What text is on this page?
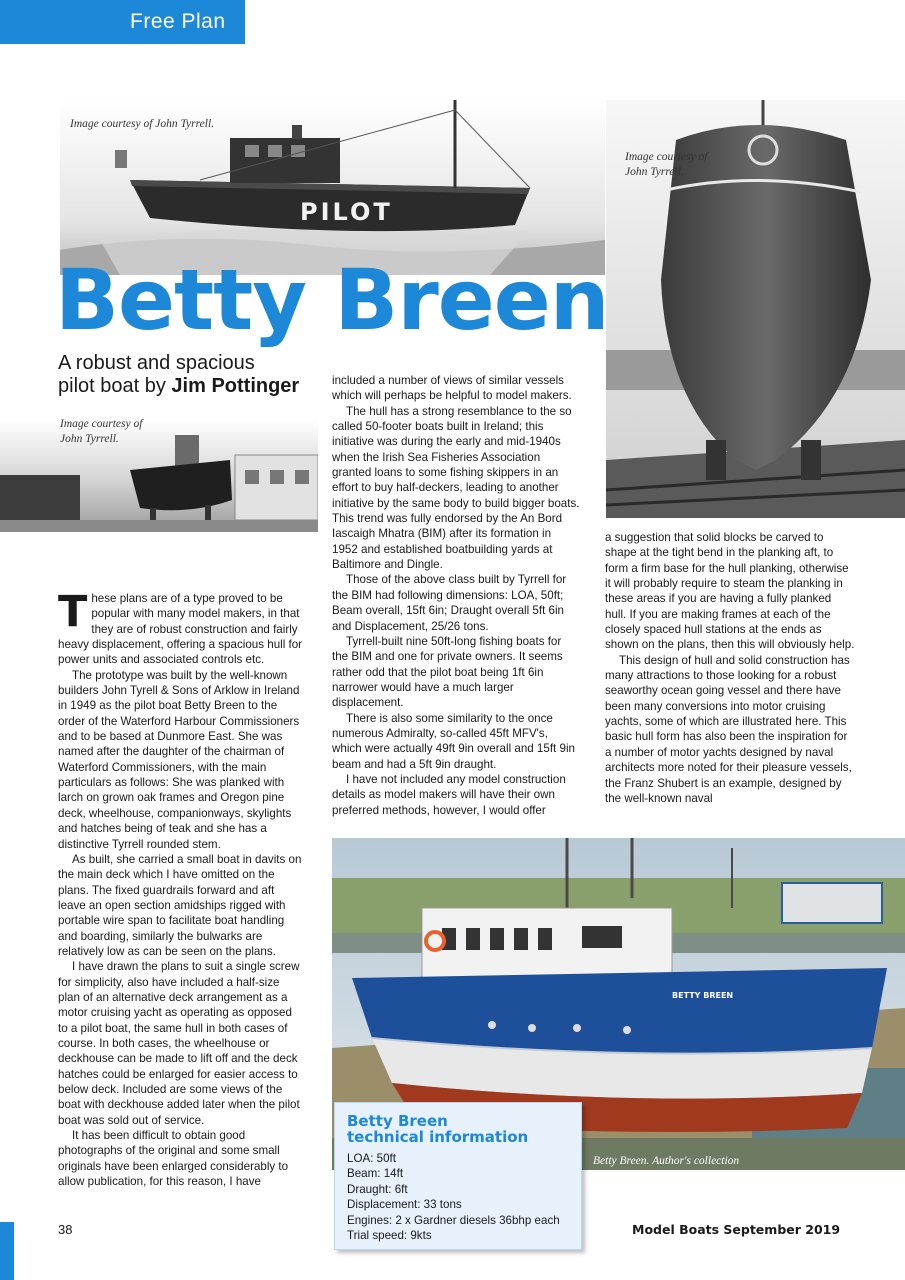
Free Plan
PILOT
Image courtesy of John Tyrrell.
Image courtesy of
John Tyrrell.
Image courtesy of
John Tyrrell.
Betty Breen
A robust and spacious
pilot boat by Jim Pottinger

These plans are of a type proved to be popular with many model makers, in that they are of robust construction and fairly heavy displacement, offering a spacious hull for power units and associated controls etc.

The prototype was built by the well-known builders John Tyrell & Sons of Arklow in Ireland in 1949 as the pilot boat Betty Breen to the order of the Waterford Harbour Commissioners and to be based at Dunmore East. She was named after the daughter of the chairman of Waterford Commissioners, with the main particulars as follows: She was planked with larch on grown oak frames and Oregon pine deck, wheelhouse, companionways, skylights and hatches being of teak and she has a distinctive Tyrrell rounded stem.

As built, she carried a small boat in davits on the main deck which I have omitted on the plans. The fixed guardrails forward and aft leave an open section amidships rigged with portable wire span to facilitate boat handling and boarding, similarly the bulwarks are relatively low as can be seen on the plans.

I have drawn the plans to suit a single screw for simplicity, also have included a half-size plan of an alternative deck arrangement as a motor cruising yacht as operating as opposed to a pilot boat, the same hull in both cases of course. In both cases, the wheelhouse or deckhouse can be made to lift off and the deck hatches could be enlarged for easier access to below deck. Included are some views of the boat with deckhouse added later when the pilot boat was sold out of service.

It has been difficult to obtain good photographs of the original and some small originals have been enlarged considerably to allow publication, for this reason, I have

included a number of views of similar vessels which will perhaps be helpful to model makers.

The hull has a strong resemblance to the so called 50-footer boats built in Ireland; this initiative was during the early and mid-1940s when the Irish Sea Fisheries Association granted loans to some fishing skippers in an effort to buy half-deckers, leading to another initiative by the same body to build bigger boats. This trend was fully endorsed by the An Bord Iascaigh Mhatra (BIM) after its formation in 1952 and established boatbuilding yards at Baltimore and Dingle.

Those of the above class built by Tyrrell for the BIM had following dimensions: LOA, 50ft; Beam overall, 15ft 6in; Draught overall 5ft 6in and Displacement, 25/26 tons.

Tyrrell-built nine 50ft-long fishing boats for the BIM and one for private owners. It seems rather odd that the pilot boat being 1ft 6in narrower would have a much larger displacement.

There is also some similarity to the once numerous Admiralty, so-called 45ft MFV's, which were actually 49ft 9in overall and 15ft 9in beam and had a 5ft 9in draught.

I have not included any model construction details as model makers will have their own preferred methods, however, I would offer

a suggestion that solid blocks be carved to shape at the tight bend in the planking aft, to form a firm base for the hull planking, otherwise it will probably require to steam the planking in these areas if you are having a fully planked hull. If you are making frames at each of the closely spaced hull stations at the ends as shown on the plans, then this will obviously help.

This design of hull and solid construction has many attractions to those looking for a robust seaworthy ocean going vessel and there have been many conversions into motor cruising yachts, some of which are illustrated here. This basic hull form has also been the inspiration for a number of motor yachts designed by naval architects more noted for their pleasure vessels, the Franz Shubert is an example, designed by the well-known naval

BETTY BREEN
Betty Breen. Author's collection
Betty Breen
technical information
LOA: 50ft
Beam: 14ft
Draught: 6ft
Displacement: 33 tons
Engines: 2 x Gardner diesels 36bhp each
Trial speed: 9kts
38	Model Boats September 2019
